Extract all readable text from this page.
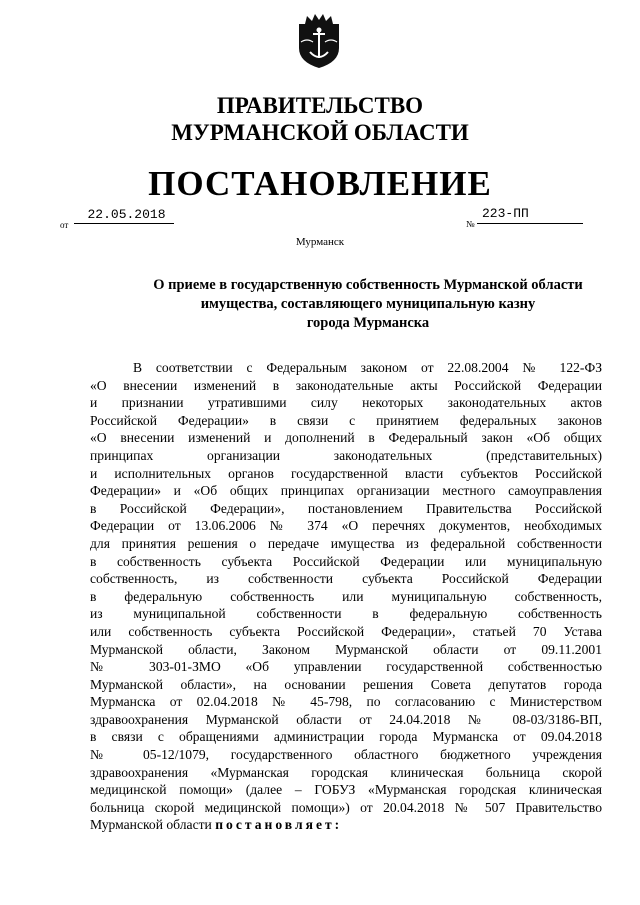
ПРАВИТЕЛЬСТВО
МУРМАНСКОЙ ОБЛАСТИ
ПОСТАНОВЛЕНИЕ
от
22.05.2018
№
223-ПП
Мурманск
О приеме в государственную собственность Мурманской области
имущества, составляющего муниципальную казну
города Мурманска
В соответствии с Федеральным законом от 22.08.2004 № 122-ФЗ
«О внесении изменений в законодательные акты Российской Федерации
и признании утратившими силу некоторых законодательных актов
Российской Федерации» в связи с принятием федеральных законов
«О внесении изменений и дополнений в Федеральный закон «Об общих
принципах организации законодательных (представительных)
и исполнительных органов государственной власти субъектов Российской
Федерации» и «Об общих принципах организации местного самоуправления
в Российской Федерации», постановлением Правительства Российской
Федерации от 13.06.2006 № 374 «О перечнях документов, необходимых
для принятия решения о передаче имущества из федеральной собственности
в собственность субъекта Российской Федерации или муниципальную
собственность, из собственности субъекта Российской Федерации
в федеральную собственность или муниципальную собственность,
из муниципальной собственности в федеральную собственность
или собственность субъекта Российской Федерации», статьей 70 Устава
Мурманской области, Законом Мурманской области от 09.11.2001
№ 303-01-ЗМО «Об управлении государственной собственностью
Мурманской области», на основании решения Совета депутатов города
Мурманска от 02.04.2018 № 45-798, по согласованию с Министерством
здравоохранения Мурманской области от 24.04.2018 № 08-03/3186-ВП,
в связи с обращениями администрации города Мурманска от 09.04.2018
№ 05-12/1079, государственного областного бюджетного учреждения
здравоохранения «Мурманская городская клиническая больница скорой
медицинской помощи» (далее – ГОБУЗ «Мурманская городская клиническая
больница скорой медицинской помощи») от 20.04.2018 № 507 Правительство
Мурманской области постановляет:
